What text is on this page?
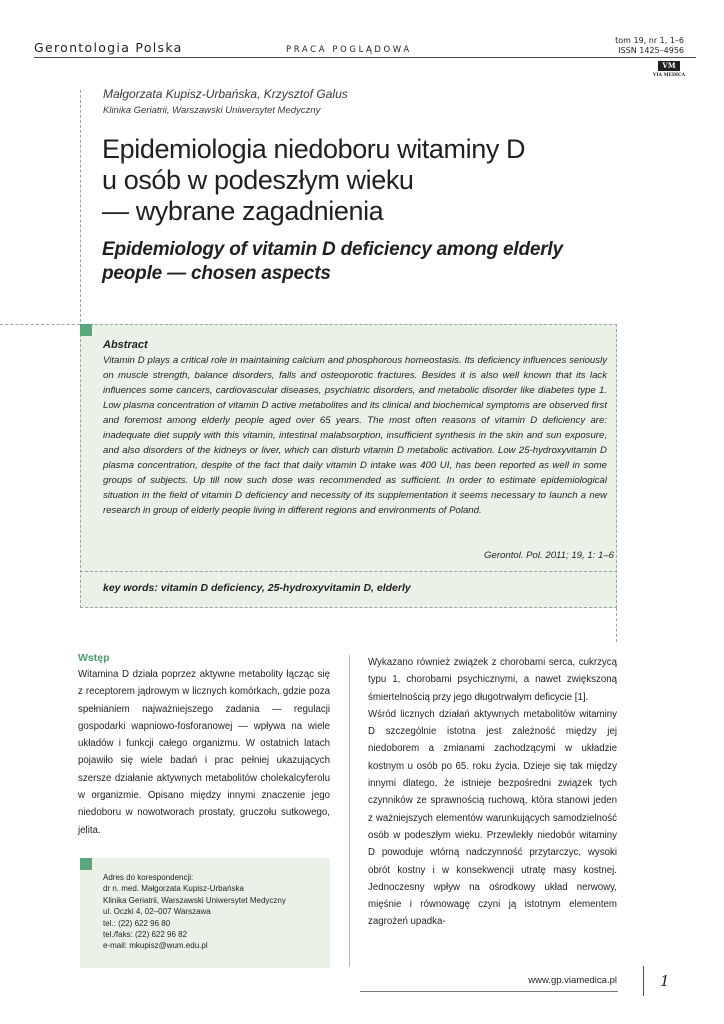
Gerontologia Polska	PRACA POGLĄDOWA
tom 19, nr 1, 1–6
ISSN 1425–4956
VM
VIA MEDICA
Małgorzata Kupisz-Urbańska, Krzysztof Galus
Klinika Geriatrii, Warszawski Uniwersytet Medyczny
Epidemiologia niedoboru witaminy D
u osób w podeszłym wieku
— wybrane zagadnienia
Epidemiology of vitamin D deficiency among elderly
people — chosen aspects
Abstract
Vitamin D plays a critical role in maintaining calcium and phosphorous homeostasis. Its deficiency influences seriously on muscle strength, balance disorders, falls and osteoporotic fractures. Besides it is also well known that its lack influences some cancers, cardiovascular diseases, psychiatric disorders, and metabolic disorder like diabetes type 1. Low plasma concentration of vitamin D active metabolites and its clinical and biochemical symptoms are observed first and foremost among elderly people aged over 65 years. The most often reasons of vitamin D deficiency are: inadequate diet supply with this vitamin, intestinal malabsorption, insufficient synthesis in the skin and sun exposure, and also disorders of the kidneys or liver, which can disturb vitamin D metabolic activation. Low 25-hydroxyvitamin D plasma concentration, despite of the fact that daily vitamin D intake was 400 UI, has been reported as well in some groups of subjects. Up till now such dose was recommended as sufficient. In order to estimate epidemiological situation in the field of vitamin D deficiency and necessity of its supplementation it seems necessary to launch a new research in group of elderly people living in different regions and environments of Poland.
Gerontol. Pol. 2011; 19, 1: 1–6
key words: vitamin D deficiency, 25-hydroxyvitamin D, elderly
Wstęp
Witamina D działa poprzez aktywne metabolity łącząc się z receptorem jądrowym w licznych komórkach, gdzie poza spełnianiem najważniejszego zadania — regulacji gospodarki wapniowo-fosforanowej — wpływa na wiele układów i funkcji całego organizmu. W ostatnich latach pojawiło się wiele badań i prac pełniej ukazujących szersze działanie aktywnych metabolitów cholekalcyferolu w organizmie. Opisano między innymi znaczenie jego niedoboru w nowotworach prostaty, gruczołu sutkowego, jelita.

Wykazano również związek z chorobami serca, cukrzycą typu 1, chorobami psychicznymi, a nawet zwiększoną śmiertelnością przy jego długotrwałym deficycie [1].

Wśród licznych działań aktywnych metabolitów witaminy D szczególnie istotna jest zależność między jej niedoborem a zmianami zachodzącymi w układzie kostnym u osób po 65. roku życia. Dzieje się tak między innymi dlatego, że istnieje bezpośredni związek tych czynników ze sprawnością ruchową, która stanowi jeden z ważniejszych elementów warunkujących samodzielność osób w podeszłym wieku. Przewlekły niedobór witaminy D powoduje wtórną nadczynność przytarczyc, wysoki obrót kostny i w konsekwencji utratę masy kostnej. Jednoczesny wpływ na ośrodkowy układ nerwowy, mięśnie i równowagę czyni ją istotnym elementem zagrożeń upadka-

Adres do korespondencji:
dr n. med. Małgorzata Kupisz-Urbańska
Klinika Geriatrii, Warszawski Uniwersytet Medyczny
ul. Oczki 4, 02–007 Warszawa
tel.: (22) 622 96 80
tel./faks: (22) 622 96 82
e-mail: mkupisz@wum.edu.pl
www.gp.viamedica.pl	1
